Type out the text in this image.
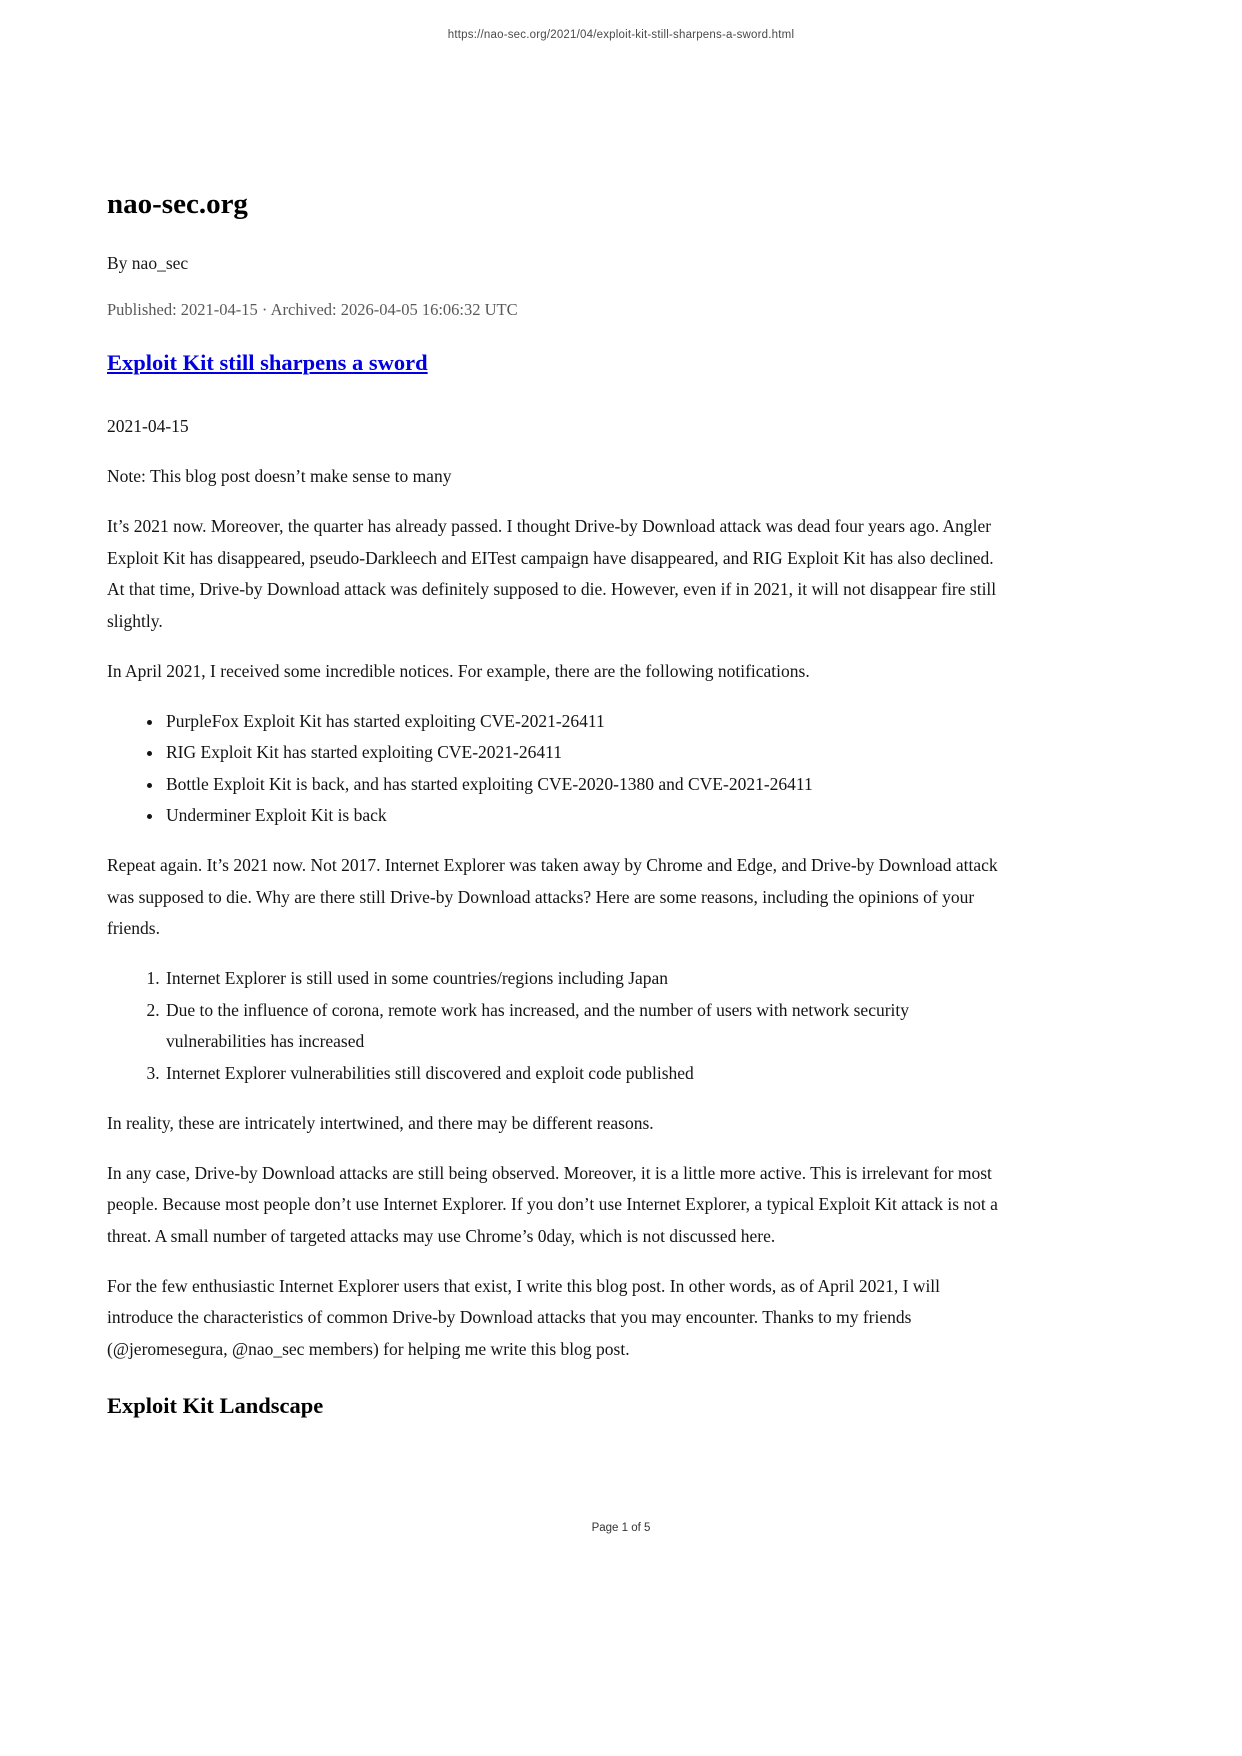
https://nao-sec.org/2021/04/exploit-kit-still-sharpens-a-sword.html
nao-sec.org
By nao_sec
Published: 2021-04-15 · Archived: 2026-04-05 16:06:32 UTC
Exploit Kit still sharpens a sword

2021-04-15

Note: This blog post doesn’t make sense to many

It’s 2021 now. Moreover, the quarter has already passed. I thought Drive-by Download attack was dead four years ago. Angler Exploit Kit has disappeared, pseudo-Darkleech and EITest campaign have disappeared, and RIG Exploit Kit has also declined. At that time, Drive-by Download attack was definitely supposed to die. However, even if in 2021, it will not disappear fire still slightly.

In April 2021, I received some incredible notices. For example, there are the following notifications.

• PurpleFox Exploit Kit has started exploiting CVE-2021-26411
• RIG Exploit Kit has started exploiting CVE-2021-26411
• Bottle Exploit Kit is back, and has started exploiting CVE-2020-1380 and CVE-2021-26411
• Underminer Exploit Kit is back

Repeat again. It’s 2021 now. Not 2017. Internet Explorer was taken away by Chrome and Edge, and Drive-by Download attack was supposed to die. Why are there still Drive-by Download attacks? Here are some reasons, including the opinions of your friends.

1. Internet Explorer is still used in some countries/regions including Japan
2. Due to the influence of corona, remote work has increased, and the number of users with network security vulnerabilities has increased
3. Internet Explorer vulnerabilities still discovered and exploit code published

In reality, these are intricately intertwined, and there may be different reasons.

In any case, Drive-by Download attacks are still being observed. Moreover, it is a little more active. This is irrelevant for most people. Because most people don’t use Internet Explorer. If you don’t use Internet Explorer, a typical Exploit Kit attack is not a threat. A small number of targeted attacks may use Chrome’s 0day, which is not discussed here.

For the few enthusiastic Internet Explorer users that exist, I write this blog post. In other words, as of April 2021, I will introduce the characteristics of common Drive-by Download attacks that you may encounter. Thanks to my friends (@jeromesegura, @nao_sec members) for helping me write this blog post.

Exploit Kit Landscape
Page 1 of 5
